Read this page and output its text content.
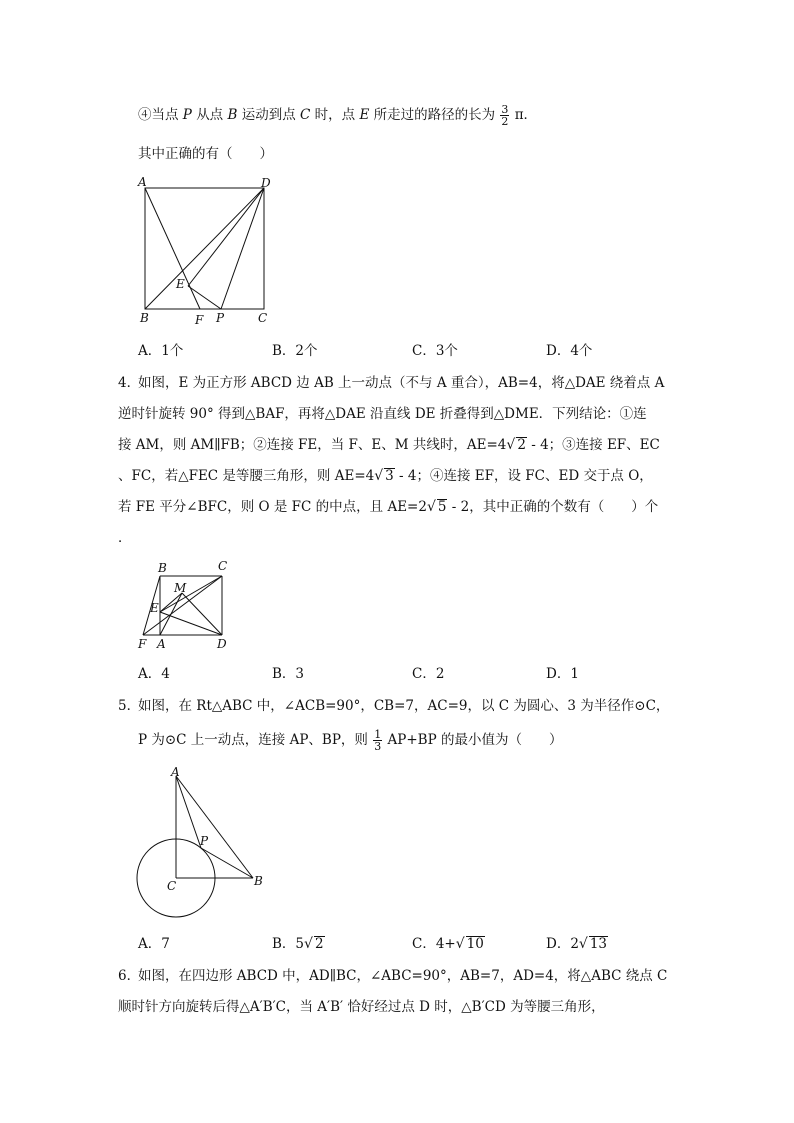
④当点 P 从点 B 运动到点 C 时，点 E 所走过的路径的长为 $\frac{3}{2}$ π．
其中正确的有（　　）
A	D
E
B	F P	C
A．1个	B．2个	C．3个	D．4个
4．
如图，E 为正方形 ABCD 边 AB 上一动点（不与 A 重合），AB=4，将△DAE 绕着点 A
逆时针旋转 90° 得到△BAF，再将△DAE 沿直线 DE 折叠得到△DME．下列结论：①连
接 AM，则 AM∥FB；②连接 FE，当 F、E、M 共线时，AE=4√ 2 - 4；③连接 EF、EC
、FC，若△FEC 是等腰三角形，则 AE=4√ 3 - 4；④连接 EF，设 FC、ED 交于点 O，
若 FE 平分∠BFC，则 O 是 FC 的中点，且 AE=2√ 5 - 2，其中正确的个数有（　　）个
．
B	C
M
E
F A	D
A．4	B．3	C．2	D．1
5．
如图，在 Rt△ABC 中，∠ACB=90°，CB=7，AC=9，以 C 为圆心、3 为半径作⊙C，
P 为⊙C 上一动点，连接 AP、BP，则 $\frac{1}{3} AP+BP$ 的最小值为（　　）
A
P
C	B
A．7	B．5√ 2	C．4+√ 10	D．2√ 13
6．
如图，在四边形 ABCD 中，AD∥BC，∠ABC=90°，AB=7，AD=4，将△ABC 绕点 C
顺时针方向旋转后得△A′B′C，当 A′B′ 恰好经过点 D 时，△B′CD 为等腰三角形，
